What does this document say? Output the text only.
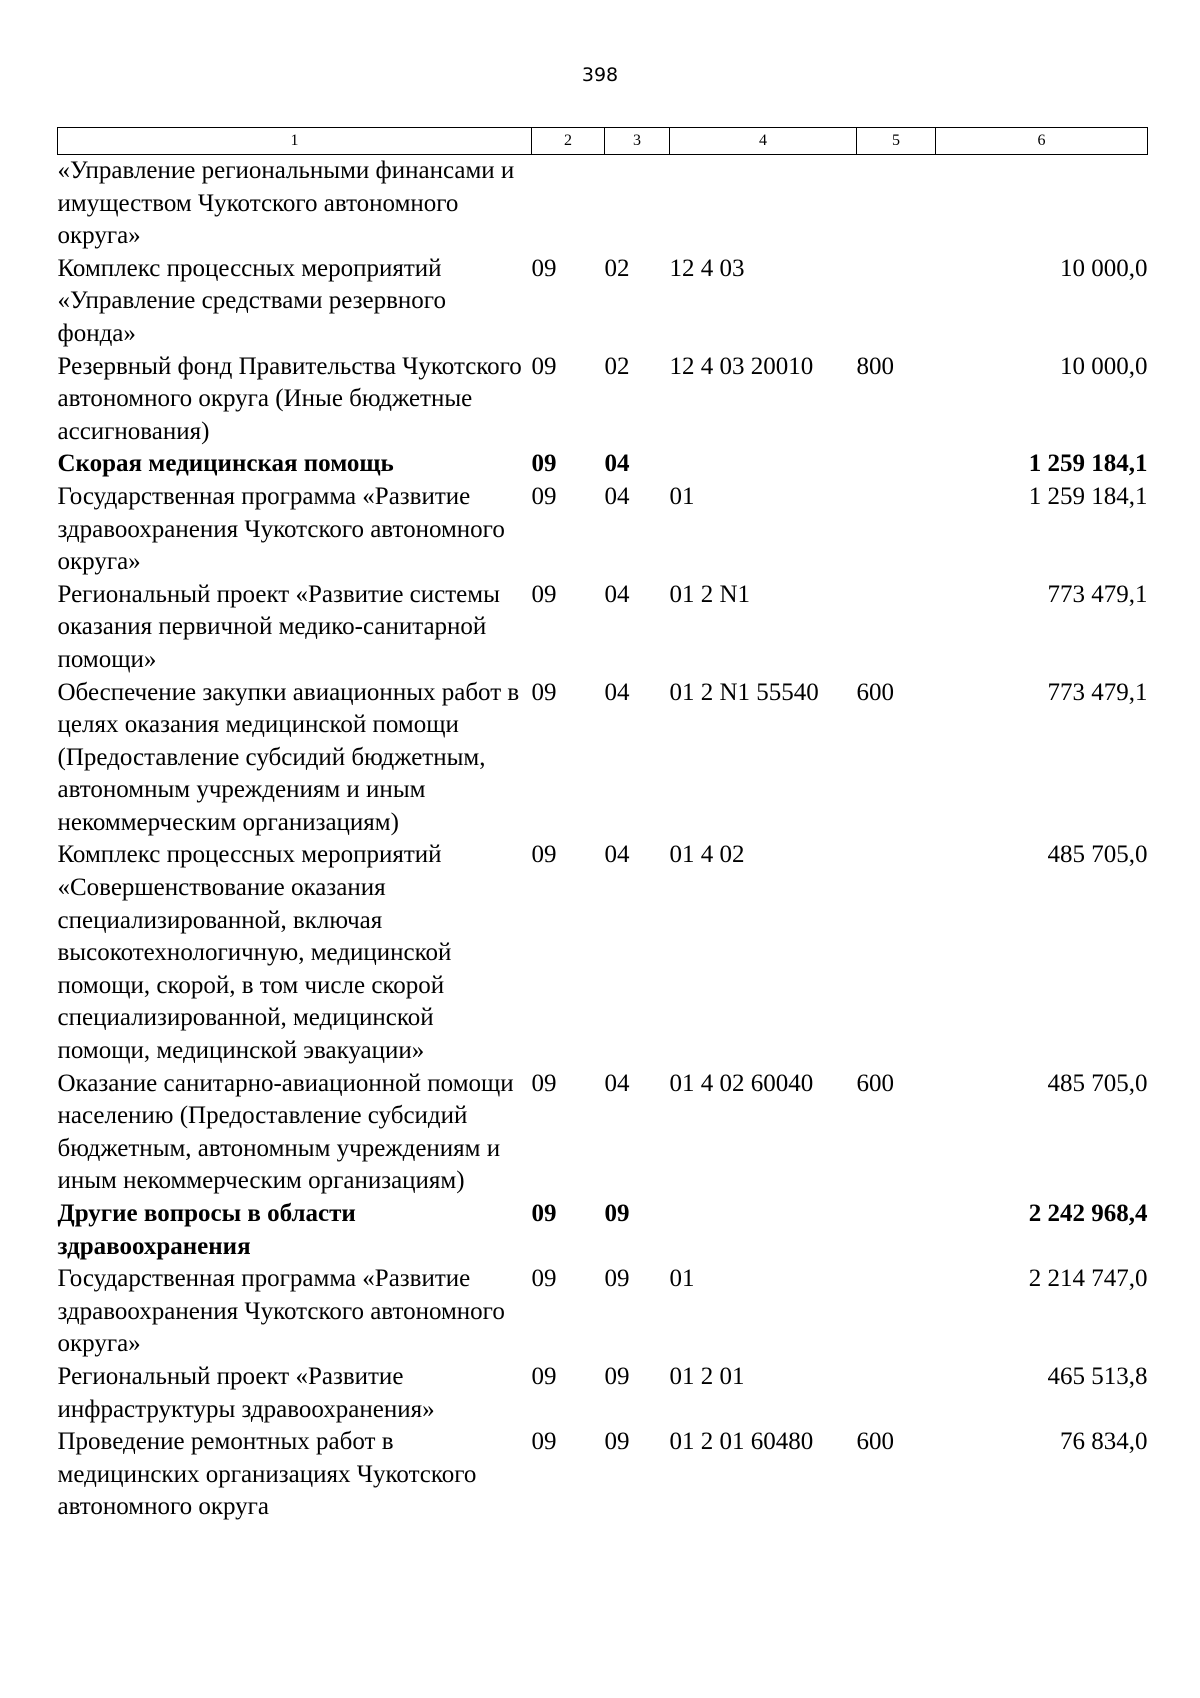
398
1	2	3	4	5	6
«Управление региональными финансами и имуществом Чукотского автономного округа»					
Комплекс процессных мероприятий «Управление средствами резервного фонда»	09	02	12 4 03		10 000,0
Резервный фонд Правительства Чукотского автономного округа (Иные бюджетные ассигнования)	09	02	12 4 03 20010	800	10 000,0
Скорая медицинская помощь	09	04			1 259 184,1
Государственная программа «Развитие здравоохранения Чукотского автономного округа»	09	04	01		1 259 184,1
Региональный проект «Развитие системы оказания первичной медико-санитарной помощи»	09	04	01 2 N1		773 479,1
Обеспечение закупки авиационных работ в целях оказания медицинской помощи (Предоставление субсидий бюджетным, автономным учреждениям и иным некоммерческим организациям)	09	04	01 2 N1 55540	600	773 479,1
Комплекс процессных мероприятий «Совершенствование оказания специализированной, включая высокотехнологичную, медицинской помощи, скорой, в том числе скорой специализированной, медицинской помощи, медицинской эвакуации»	09	04	01 4 02		485 705,0
Оказание санитарно-авиационной помощи населению (Предоставление субсидий бюджетным, автономным учреждениям и иным некоммерческим организациям)	09	04	01 4 02 60040	600	485 705,0
Другие вопросы в области здравоохранения	09	09			2 242 968,4
Государственная программа «Развитие здравоохранения Чукотского автономного округа»	09	09	01		2 214 747,0
Региональный проект «Развитие инфраструктуры здравоохранения»	09	09	01 2 01		465 513,8
Проведение ремонтных работ в медицинских организациях Чукотского автономного округа	09	09	01 2 01 60480	600	76 834,0
